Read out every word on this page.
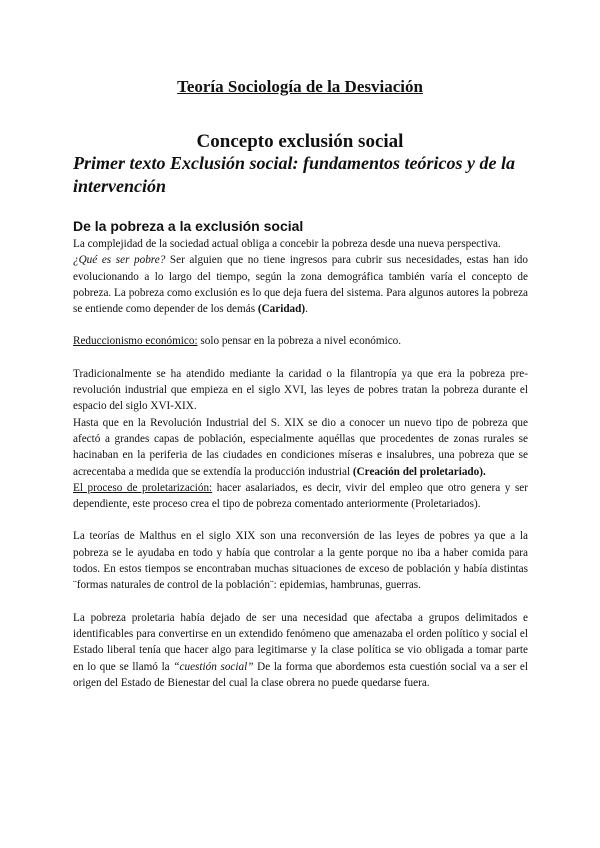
Teoría Sociología de la Desviación
Concepto exclusión social
Primer texto Exclusión social: fundamentos teóricos y de la intervención
De la pobreza a la exclusión social

La complejidad de la sociedad actual obliga a concebir la pobreza desde una nueva perspectiva.

¿Qué es ser pobre? Ser alguien que no tiene ingresos para cubrir sus necesidades, estas han ido evolucionando a lo largo del tiempo, según la zona demográfica también varía el concepto de pobreza. La pobreza como exclusión es lo que deja fuera del sistema. Para algunos autores la pobreza se entiende como depender de los demás (Caridad).

Reduccionismo económico: solo pensar en la pobreza a nivel económico.

Tradicionalmente se ha atendido mediante la caridad o la filantropía ya que era la pobreza pre-revolución industrial que empieza en el siglo XVI, las leyes de pobres tratan la pobreza durante el espacio del siglo XVI-XIX.

Hasta que en la Revolución Industrial del S. XIX se dio a conocer un nuevo tipo de pobreza que afectó a grandes capas de población, especialmente aquéllas que procedentes de zonas rurales se hacinaban en la periferia de las ciudades en condiciones míseras e insalubres, una pobreza que se acrecentaba a medida que se extendía la producción industrial (Creación del proletariado).

El proceso de proletarización: hacer asalariados, es decir, vivir del empleo que otro genera y ser dependiente, este proceso crea el tipo de pobreza comentado anteriormente (Proletariados).

La teorías de Malthus en el siglo XIX son una reconversión de las leyes de pobres ya que a la pobreza se le ayudaba en todo y había que controlar a la gente porque no iba a haber comida para todos. En estos tiempos se encontraban muchas situaciones de exceso de población y había distintas ¨formas naturales de control de la población¨: epidemias, hambrunas, guerras.

La pobreza proletaria había dejado de ser una necesidad que afectaba a grupos delimitados e identificables para convertirse en un extendido fenómeno que amenazaba el orden político y social el Estado liberal tenía que hacer algo para legitimarse y la clase política se vio obligada a tomar parte en lo que se llamó la “cuestión social” De la forma que abordemos esta cuestión social va a ser el origen del Estado de Bienestar del cual la clase obrera no puede quedarse fuera.
